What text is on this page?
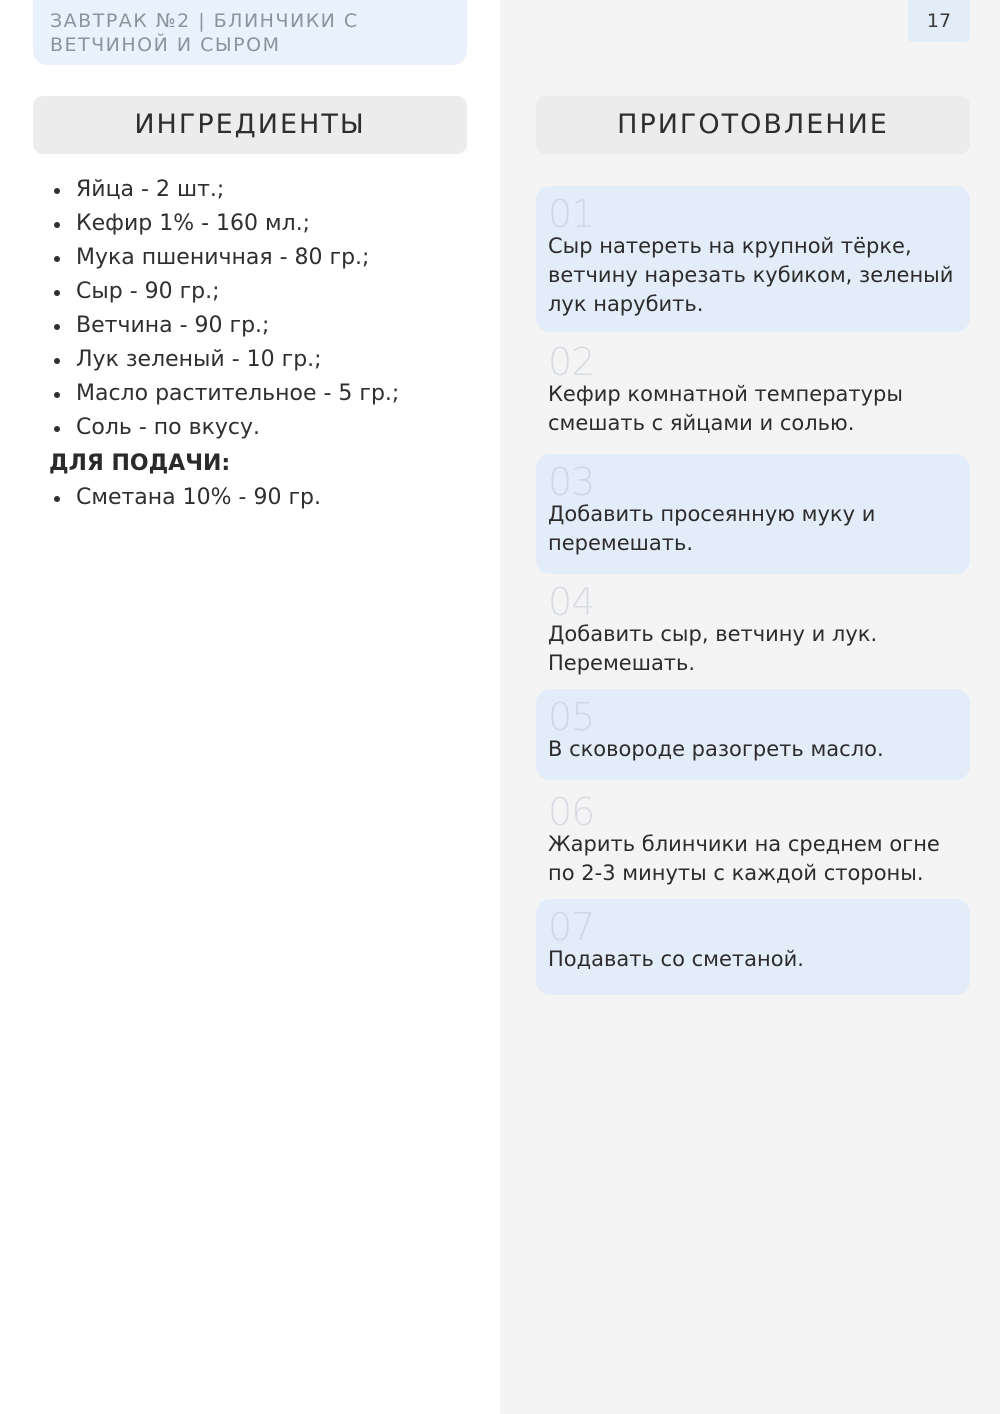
ЗАВТРАК №2 | БЛИНЧИКИ С ВЕТЧИНОЙ И СЫРОМ
17
ИНГРЕДИЕНТЫ
Яйца - 2 шт.;
Кефир 1% - 160 мл.;
Мука пшеничная - 80 гр.;
Сыр - 90 гр.;
Ветчина - 90 гр.;
Лук зеленый - 10 гр.;
Масло растительное - 5 гр.;
Соль - по вкусу.
ДЛЯ ПОДАЧИ:
Сметана 10% - 90 гр.
ПРИГОТОВЛЕНИЕ
01
Сыр натереть на крупной тёрке, ветчину нарезать кубиком, зеленый лук нарубить.
02
Кефир комнатной температуры смешать с яйцами и солью.
03
Добавить просеянную муку и перемешать.
04
Добавить сыр, ветчину и лук. Перемешать.
05
В сковороде разогреть масло.
06
Жарить блинчики на среднем огне по 2-3 минуты с каждой стороны.
07
Подавать со сметаной.
